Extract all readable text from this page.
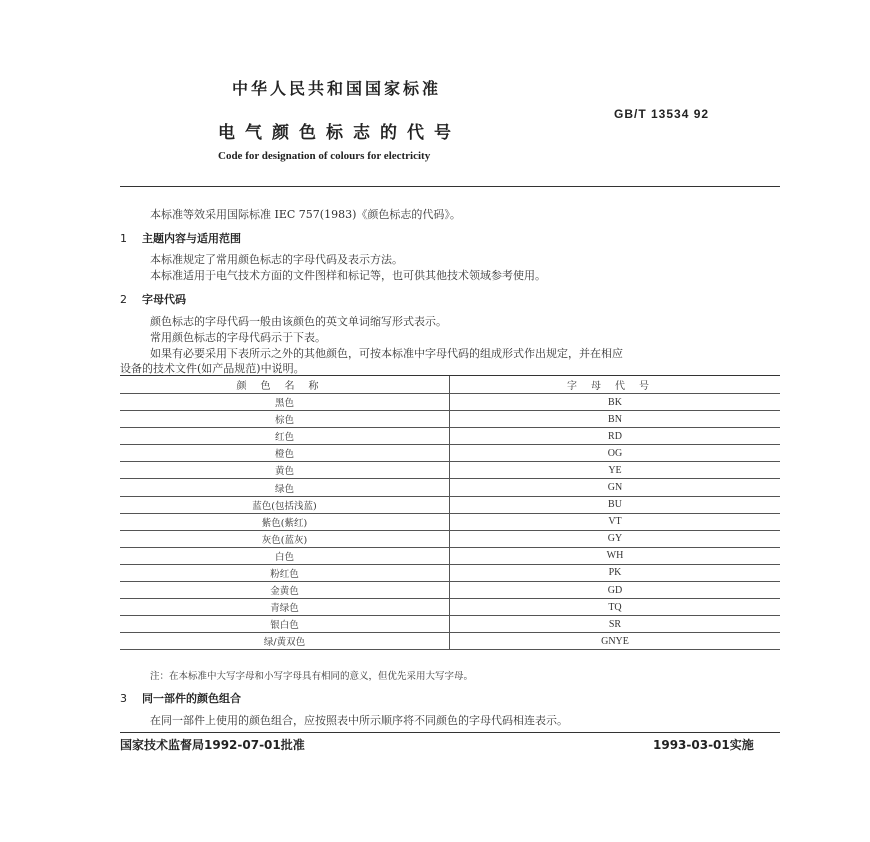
中华人民共和国国家标准
GB/T 13534 92
电气颜色标志的代号
Code for designation of colours for electricity
本标准等效采用国际标准 IEC 757(1983)《颜色标志的代码》。
1 主题内容与适用范围
本标准规定了常用颜色标志的字母代码及表示方法。
本标准适用于电气技术方面的文件图样和标记等，也可供其他技术领域参考使用。
2 字母代码
颜色标志的字母代码一般由该颜色的英文单词缩写形式表示。
常用颜色标志的字母代码示于下表。
如果有必要采用下表所示之外的其他颜色，可按本标准中字母代码的组成形式作出规定，并在相应
设备的技术文件(如产品规范)中说明。
颜色名称	字母代号
黑色	BK
棕色	BN
红色	RD
橙色	OG
黄色	YE
绿色	GN
蓝色(包括浅蓝)	BU
紫色(紫红)	VT
灰色(蓝灰)	GY
白色	WH
粉红色	PK
金黄色	GD
青绿色	TQ
银白色	SR
绿/黄双色	GNYE
注：在本标准中大写字母和小写字母具有相同的意义，但优先采用大写字母。
3 同一部件的颜色组合
在同一部件上使用的颜色组合，应按照表中所示顺序将不同颜色的字母代码相连表示。
国家技术监督局1992-07-01批准	1993-03-01实施
